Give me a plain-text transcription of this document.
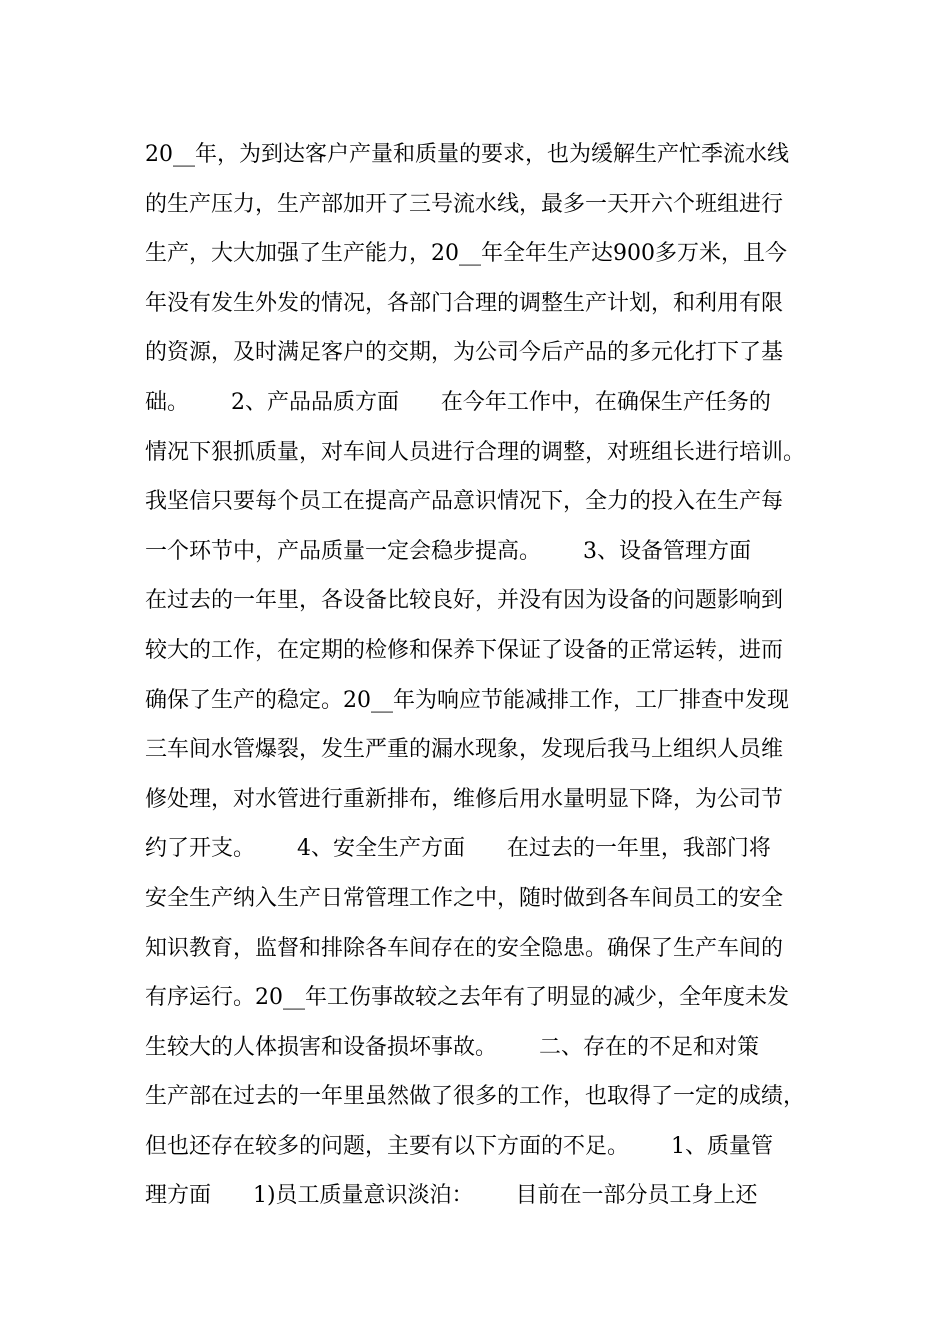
20__年，为到达客户产量和质量的要求，也为缓解生产忙季流水线
的生产压力，生产部加开了三号流水线，最多一天开六个班组进行
生产，大大加强了生产能力，20__年全年生产达900多万米，且今
年没有发生外发的情况，各部门合理的调整生产计划，和利用有限
的资源，及时满足客户的交期，为公司今后产品的多元化打下了基
础。      2、产品品质方面      在今年工作中，在确保生产任务的
情况下狠抓质量，对车间人员进行合理的调整，对班组长进行培训。
我坚信只要每个员工在提高产品意识情况下，全力的投入在生产每
一个环节中，产品质量一定会稳步提高。      3、设备管理方面
在过去的一年里，各设备比较良好，并没有因为设备的问题影响到
较大的工作，在定期的检修和保养下保证了设备的正常运转，进而
确保了生产的稳定。20__年为响应节能减排工作，工厂排查中发现
三车间水管爆裂，发生严重的漏水现象，发现后我马上组织人员维
修处理，对水管进行重新排布，维修后用水量明显下降，为公司节
约了开支。      4、安全生产方面      在过去的一年里，我部门将
安全生产纳入生产日常管理工作之中，随时做到各车间员工的安全
知识教育，监督和排除各车间存在的安全隐患。确保了生产车间的
有序运行。20__年工伤事故较之去年有了明显的减少，全年度未发
生较大的人体损害和设备损坏事故。      二、存在的不足和对策
生产部在过去的一年里虽然做了很多的工作，也取得了一定的成绩，
但也还存在较多的问题，主要有以下方面的不足。      1、质量管
理方面      1)员工质量意识淡泊：      目前在一部分员工身上还
